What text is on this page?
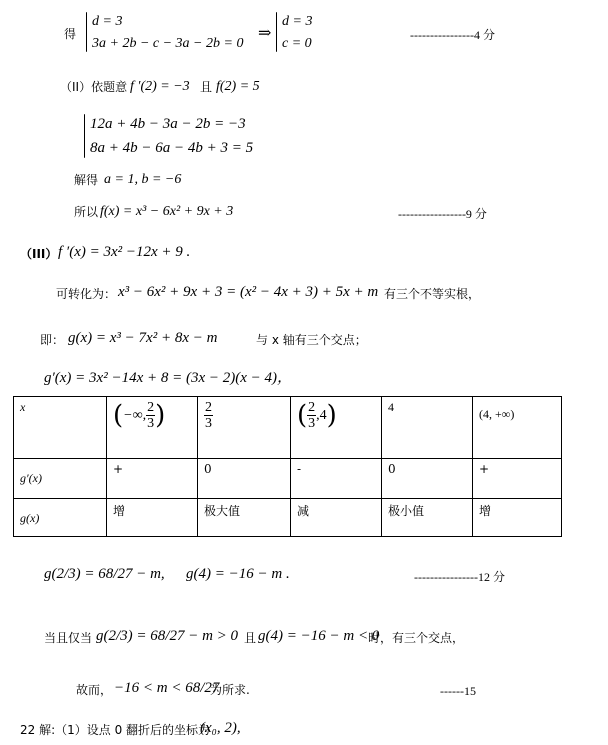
得
d = 3
3a + 2b − c − 3a − 2b = 0
⇒
d = 3
c = 0
----------------4 分
（II）依题意 f ′(2) = −3 且 f(2) = 5
12a + 4b − 3a − 2b = −3
8a + 4b − 6a − 4b + 3 = 5
解得 a = 1, b = −6
所以 f(x) = x³ − 6x² + 9x + 3	-----------------9 分
（III） f ′(x) = 3x² −12x + 9 .
可转化为： x³ − 6x² + 9x + 3 = (x² − 4x + 3) + 5x + m 有三个不等实根，
即： g(x) = x³ − 7x² + 8x − m	与 x 轴有三个交点；
g′(x) = 3x² −14x + 8 = (3x − 2)(x − 4)，
x	(−∞, $\frac{2}{3}$ )	$\frac{2}{3}$	( $\frac{2}{3} ,4$)	4	(4, +∞)
g′(x)	+	0	-	0	+
g(x)	增	极大值	减	极小值	增
g(2/3) = 68/27 − m, g(4) = −16 − m .	----------------12 分
当且仅当 g(2/3) = 68/27 − m > 0 且 g(4) = −16 − m < 0
时，有三个交点，
故而， −16 < m < 68/27
为所求.	------15
22 解:（1）设点 0 翻折后的坐标为
(x₀, 2),
